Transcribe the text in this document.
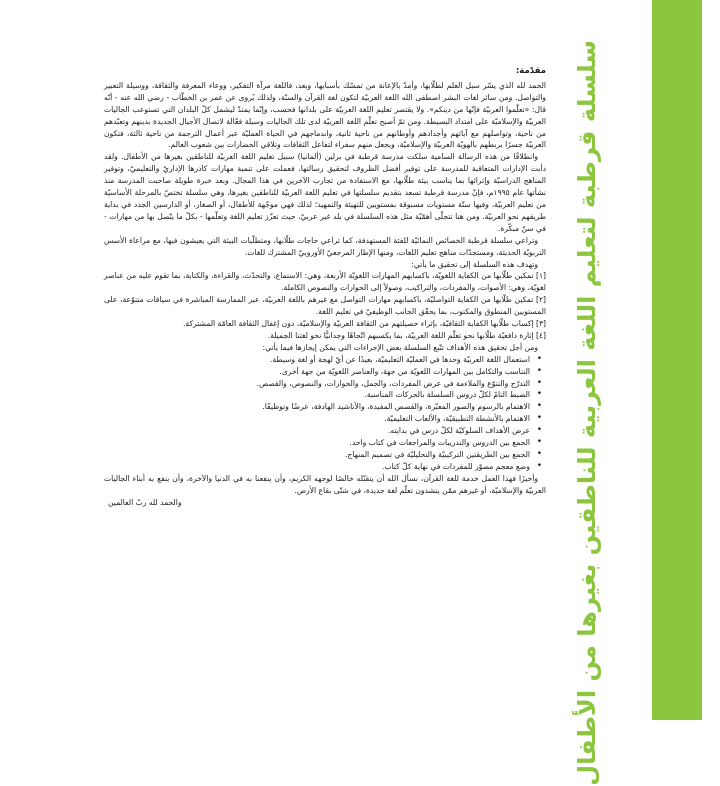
سلسلة قرطبة لتعليم اللغة العربية للناطقين بغيرها من الأطفال
مقدّمة:

الحمد لله الذي يسّر سبل العلم لطلّابها، وأمدّ بالإعانة من تمسّك بأسبابها، وبعد، فاللغة مرآة التفكير، ووعاء المعرفة والثقافة، ووسيلة التعبير والتواصل. ومن سائر لغات البشر اصطفى الله اللغة العربيّة لتكون لغة القرآن والسنّة، ولذلك يُروى عن عمر بن الخطّاب - رضي الله عنه - أنّه قال: «تعلّموا العربيّة فإنّها من دينكم». ولا يقتصر تعليم اللغة العربيّة على بلدانها فحسب، وإنّما يمتدّ ليشمل كلّ البلدان التي تستوعب الجاليات العربيّة والإسلاميّة على امتداد البسيطة. ومن ثمّ أصبح تعلّم اللغة العربيّة لدى تلك الجاليات وسيلة فعّالة لاتصال الأجيال الجديدة بدينهم وتعبّدهم من ناحية، وتواصلهم مع آبائهم وأجدادهم وأوطانهم من ناحية ثانية، واندماجهم في الحياة العمليّة عبر أعمال الترجمة من ناحية ثالثة، فتكون العربيّة جسرًا يربطهم بالهويّة العربيّة والإسلاميّة، ويجعل منهم سفراء لتفاعل الثقافات وتلاقي الحضارات بين شعوب العالم.

وانطلاقًا من هذه الرسالة السامية سلكت مدرسة قرطبة في برلين (ألمانيا) سبيل تعليم اللغة العربيّة للناطقين بغيرها من الأطفال. ولقد دأبت الإدارات المتعاقبة للمدرسة على توفير أفضل الظروف لتحقيق رسالتها، فعملت على تنمية مهارات كادرها الإداريّ والتعليميّ، وتوفير المناهج الدراسيّة وإثرائها بما يناسب بيئة طلّابها، مع الاستفادة من تجارب الآخرين في هذا المجال. وبعد خبرة طويلة صاحبت المدرسة منذ نشأتها عام ١٩٩٥م، فإنّ مدرسة قرطبة تسعد بتقديم سلسلتها في تعليم اللغة العربيّة للناطقين بغيرها، وهي سلسلة تختصّ بالمرحلة الأساسيّة من تعليم العربيّة، وفيها ستّة مستويات مسبوقة بمستويين للتهيئة والتمهيد؛ لذلك فهي موجّهة للأطفال، أو الصغار، أو الدارسين الجدد في بداية طريقهم نحو العربيّة. ومن هنا تتجلّى أهمّيّة مثل هذه السلسلة في بلد غير عربيّ، حيث تعزّز تعليم اللغة وتعلّمها - بكلّ ما يتّصل بها من مهارات - في سنّ مبكّرة.

وتراعي سلسلة قرطبة الخصائص النمائيّة للفئة المستهدفة، كما تراعي حاجات طلّابها، ومتطلّبات البيئة التي يعيشون فيها، مع مراعاة الأسس التربويّة الحديثة، ومستجدّات مناهج تعليم اللغات، ومنها الإطار المرجعيّ الأوروبيّ المشترك للغات.

وتهدف هذه السلسلة إلى تحقيق ما يأتي:

[١] تمكين طلّابها من الكفاية اللغويّة، باكسابهم المهارات اللغويّة الأربعة، وهي: الاستماع، والتحدّث، والقراءة، والكتابة، بما تقوم عليه من عناصر لغويّة، وهي: الأصوات، والمفردات، والتراكيب، وصولاً إلى الحوارات والنصوص الكاملة.
[٢] تمكين طلّابها من الكفاية التواصليّة، باكسابهم مهارات التواصل مع غيرهم باللغة العربيّة، عبر الممارسة المباشرة في سياقات متنوّعة، على المستويين المنطوق والمكتوب، بما يحقّق الجانب الوظيفيّ في تعليم اللغة.
[٣] إكساب طلّابها الكفاية الثقافيّة، بإثراء حصيلتهم من الثقافة العربيّة والإسلاميّة، دون إغفال الثقافة العامّة المشتركة.
[٤] إثارة دافعيّة طلّابها نحو تعلّم اللغة العربيّة، بما يكسبهم اتّجاهًا وجدانيًّا نحو لغتنا الجميلة.

ومن أجل تحقيق هذه الأهداف تتّبع السلسلة بعض الإجراءات التي يمكن إيجازها فيما يأتي:

• استعمال اللغة العربيّة وحدها في العمليّة التعليميّة، بعيدًا عن أيّ لهجة أو لغة وسيطة.
• التناسب والتكامل بين المهارات اللغويّة من جهة، والعناصر اللغويّة من جهة أخرى.
• التدرّج والتنوّع والملاءمة في عرض المفردات، والجمل، والحوارات، والنصوص، والقصص.
• الضبط التامّ لكلّ دروس السلسلة بالحركات المناسبة.
• الاهتمام بالرسوم والصور المعبّرة، والقصص المفيدة، والأناشيد الهادفة، عرضًا وتوظيفًا.
• الاهتمام بالأنشطة التطبيقيّة، والألعاب التعليميّة.
• عرض الأهداف السلوكيّة لكلّ درس في بدايته.
• الجمع بين الدروس والتدريبات والمراجعات في كتاب واحد.
• الجمع بين الطريقتين التركيبيّة والتحليليّة في تصميم المنهاج.
• وضع معجم مصوّر للمفردات في نهاية كلّ كتاب.

وأخيرًا فهذا العمل خدمة للغة القرآن، نسأل الله أن يتقبّله خالصًا لوجهه الكريم، وأن ينفعنا به في الدنيا والآخرة، وأن ينفع به أبناء الجاليات العربيّة والإسلاميّة، أو غيرهم ممّن ينشدون تعلّم لغة جديدة، في شتّى بقاع الأرض.

والحمد لله ربّ العالمين
